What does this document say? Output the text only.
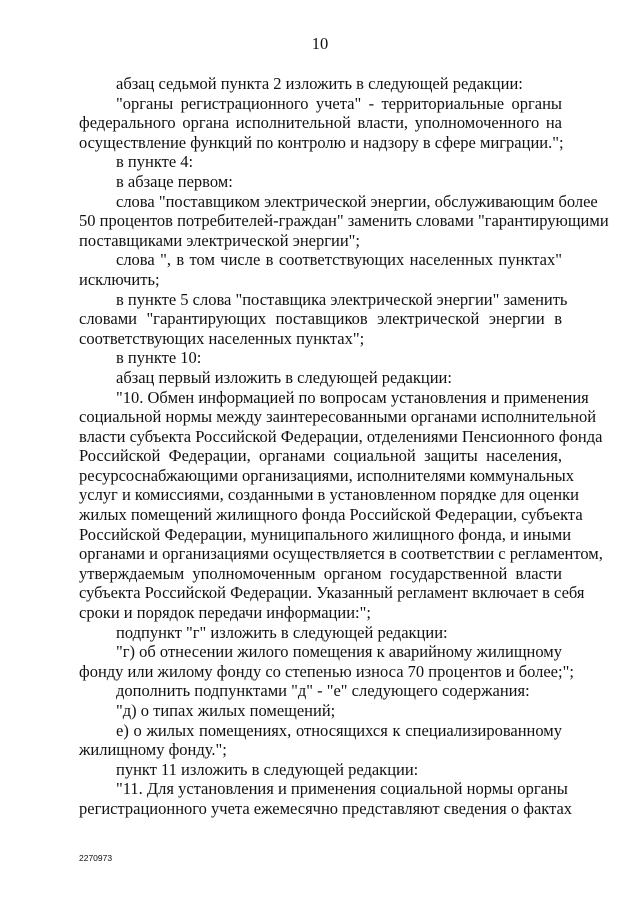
10
абзац седьмой пункта 2 изложить в следующей редакции:
"органы регистрационного учета" - территориальные органы
федерального органа исполнительной власти, уполномоченного на
осуществление функций по контролю и надзору в сфере миграции.";
в пункте 4:
в абзаце первом:
слова "поставщиком электрической энергии, обслуживающим более
50 процентов потребителей-граждан" заменить словами "гарантирующими
поставщиками электрической энергии";
слова ", в том числе в соответствующих населенных пунктах"
исключить;
в пункте 5 слова "поставщика электрической энергии" заменить
словами "гарантирующих поставщиков электрической энергии в
соответствующих населенных пунктах";
в пункте 10:
абзац первый изложить в следующей редакции:
"10. Обмен информацией по вопросам установления и применения
социальной нормы между заинтересованными органами исполнительной
власти субъекта Российской Федерации, отделениями Пенсионного фонда
Российской Федерации, органами социальной защиты населения,
ресурсоснабжающими организациями, исполнителями коммунальных
услуг и комиссиями, созданными в установленном порядке для оценки
жилых помещений жилищного фонда Российской Федерации, субъекта
Российской Федерации, муниципального жилищного фонда, и иными
органами и организациями осуществляется в соответствии с регламентом,
утверждаемым уполномоченным органом государственной власти
субъекта Российской Федерации. Указанный регламент включает в себя
сроки и порядок передачи информации:";
подпункт "г" изложить в следующей редакции:
"г) об отнесении жилого помещения к аварийному жилищному
фонду или жилому фонду со степенью износа 70 процентов и более;";
дополнить подпунктами "д" - "е" следующего содержания:
"д) о типах жилых помещений;
е) о жилых помещениях, относящихся к специализированному
жилищному фонду.";
пункт 11 изложить в следующей редакции:
"11. Для установления и применения социальной нормы органы
регистрационного учета ежемесячно представляют сведения о фактах
2270973
